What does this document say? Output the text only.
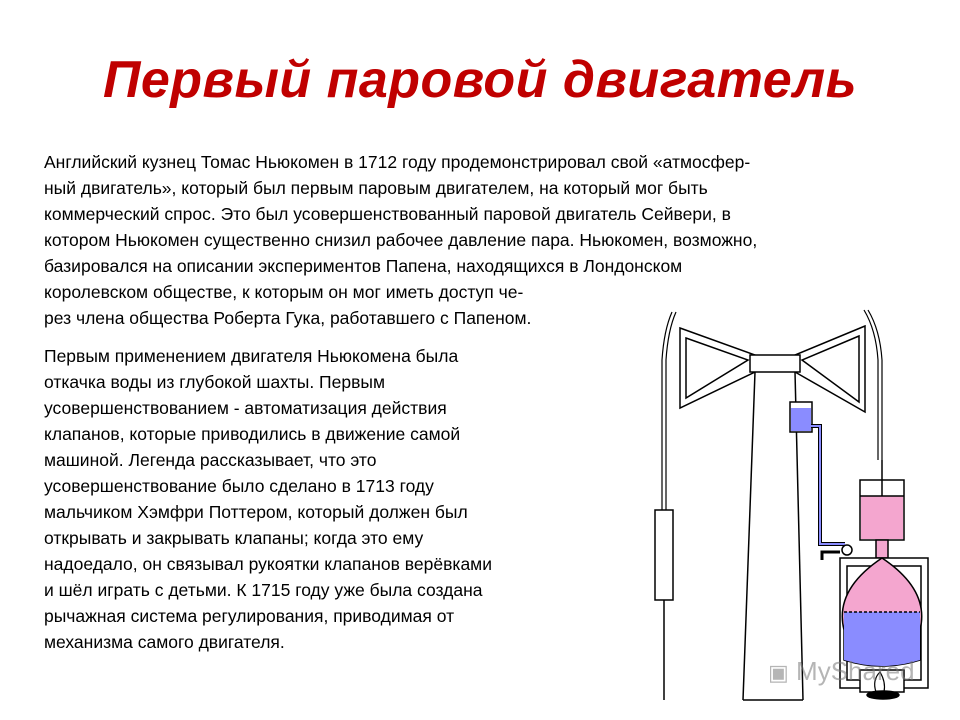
Первый паровой двигатель
Английский кузнец Томас Ньюкомен в 1712 году продемонстрировал свой «атмосфер-
ный двигатель», который был первым паровым двигателем, на который мог быть
коммерческий спрос. Это был усовершенствованный паровой двигатель Сейвери, в
котором Ньюкомен существенно снизил рабочее давление пара. Ньюкомен, возможно,
базировался на описании экспериментов Папена, находящихся в Лондонском
королевском обществе, к которым он мог иметь доступ че-
рез члена общества Роберта Гука, работавшего с Папеном.
Первым применением двигателя Ньюкомена была
откачка воды из глубокой шахты. Первым
усовершенствованием - автоматизация действия
клапанов, которые приводились в движение самой
машиной. Легенда рассказывает, что это
усовершенствование было сделано в 1713 году
мальчиком Хэмфри Поттером, который должен был
открывать и закрывать клапаны; когда это ему
надоедало, он связывал рукоятки клапанов верёвками
и шёл играть с детьми. К 1715 году уже была создана
рычажная система регулирования, приводимая от
механизма самого двигателя.
▣ MyShared
